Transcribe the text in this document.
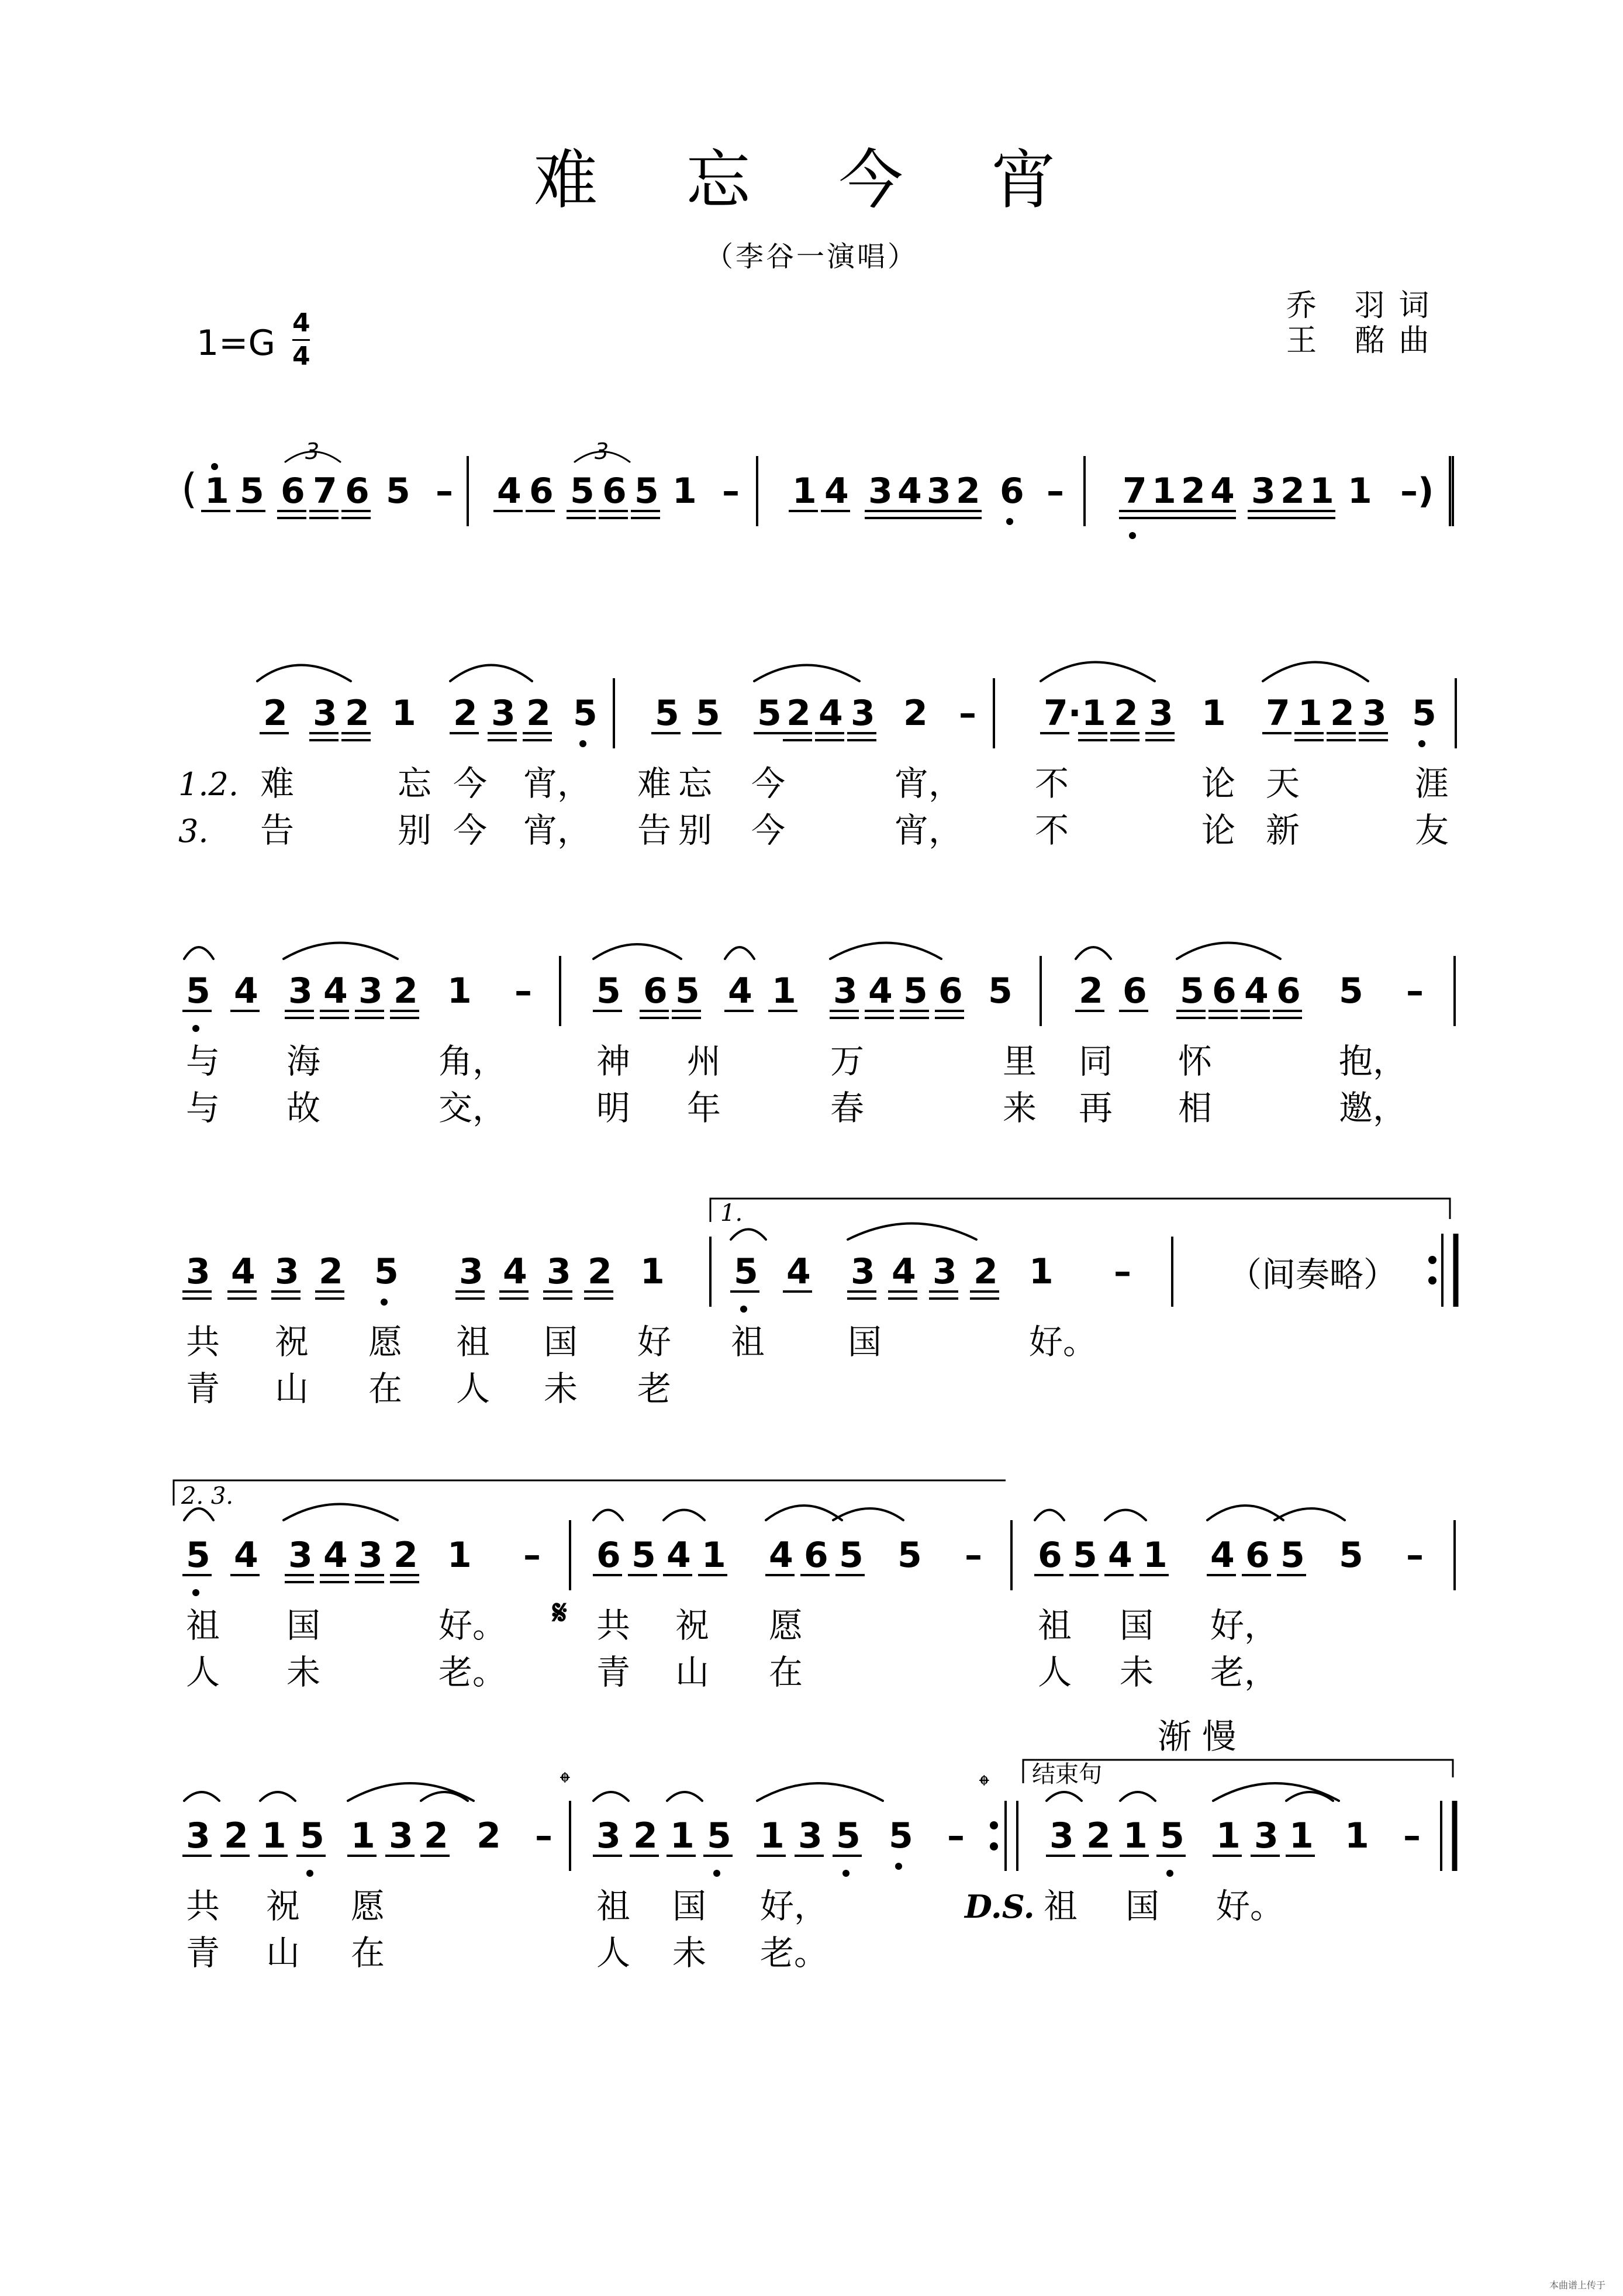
难 忘 今 宵
（李谷一演唱）
乔 羽词
王 酩曲
1=G 4
4
( 1 5 6 7 6 5 – 4 6 5 6 5 1 – 1 4 3 4 3 2 6 – 7 1 2 4 3 2 1 1 –)
2 3 2 1 2 3 2 5 5 5 5 2 4 3 2 – 7· 1 2 3 1 7 1 2 3 5
1.2. 难	忘 今 宵， 难 忘 今	宵， 不	论 天	涯
3. 告	别 今 宵， 告 别 今	宵， 不	论 新	友
5 4 3 4 3 2 1 – 5 6 5 4 1 3 4 5 6 5 2 6 5 6 4 6 5 –
与 海	角，	神 州	万	里 同 怀	抱，
与 故	交，	明 年	春	来 再 相	邀，
3 4 3 2 5 3 4 3 2 1 5 4 3 4 3 2 1 –
共 祝 愿 祖 国 好 祖 国	好。
青 山 在 人 未 老
5 4 3 4 3 2 1 – 6 5 4 1 4 6 5 5 – 6 5 4 1 4 6 5 5 –
祖 国	好。	共 祝 愿	祖 国 好，
人 未	老。	青 山 在	人 未 老，
3 2 1 5 1 3 2 2 – 3 2 1 5 1 3 5 5 – 3 2 1 5 1 3 1 1 –
共 祝 愿	祖 国 好，	D.S. 祖 国 好。
青 山 在	人 未 老。
1.
2. 3.
（间奏略）
𝄋
𝄌	𝄌 结束句
渐 慢
3	3
本曲谱上传于
